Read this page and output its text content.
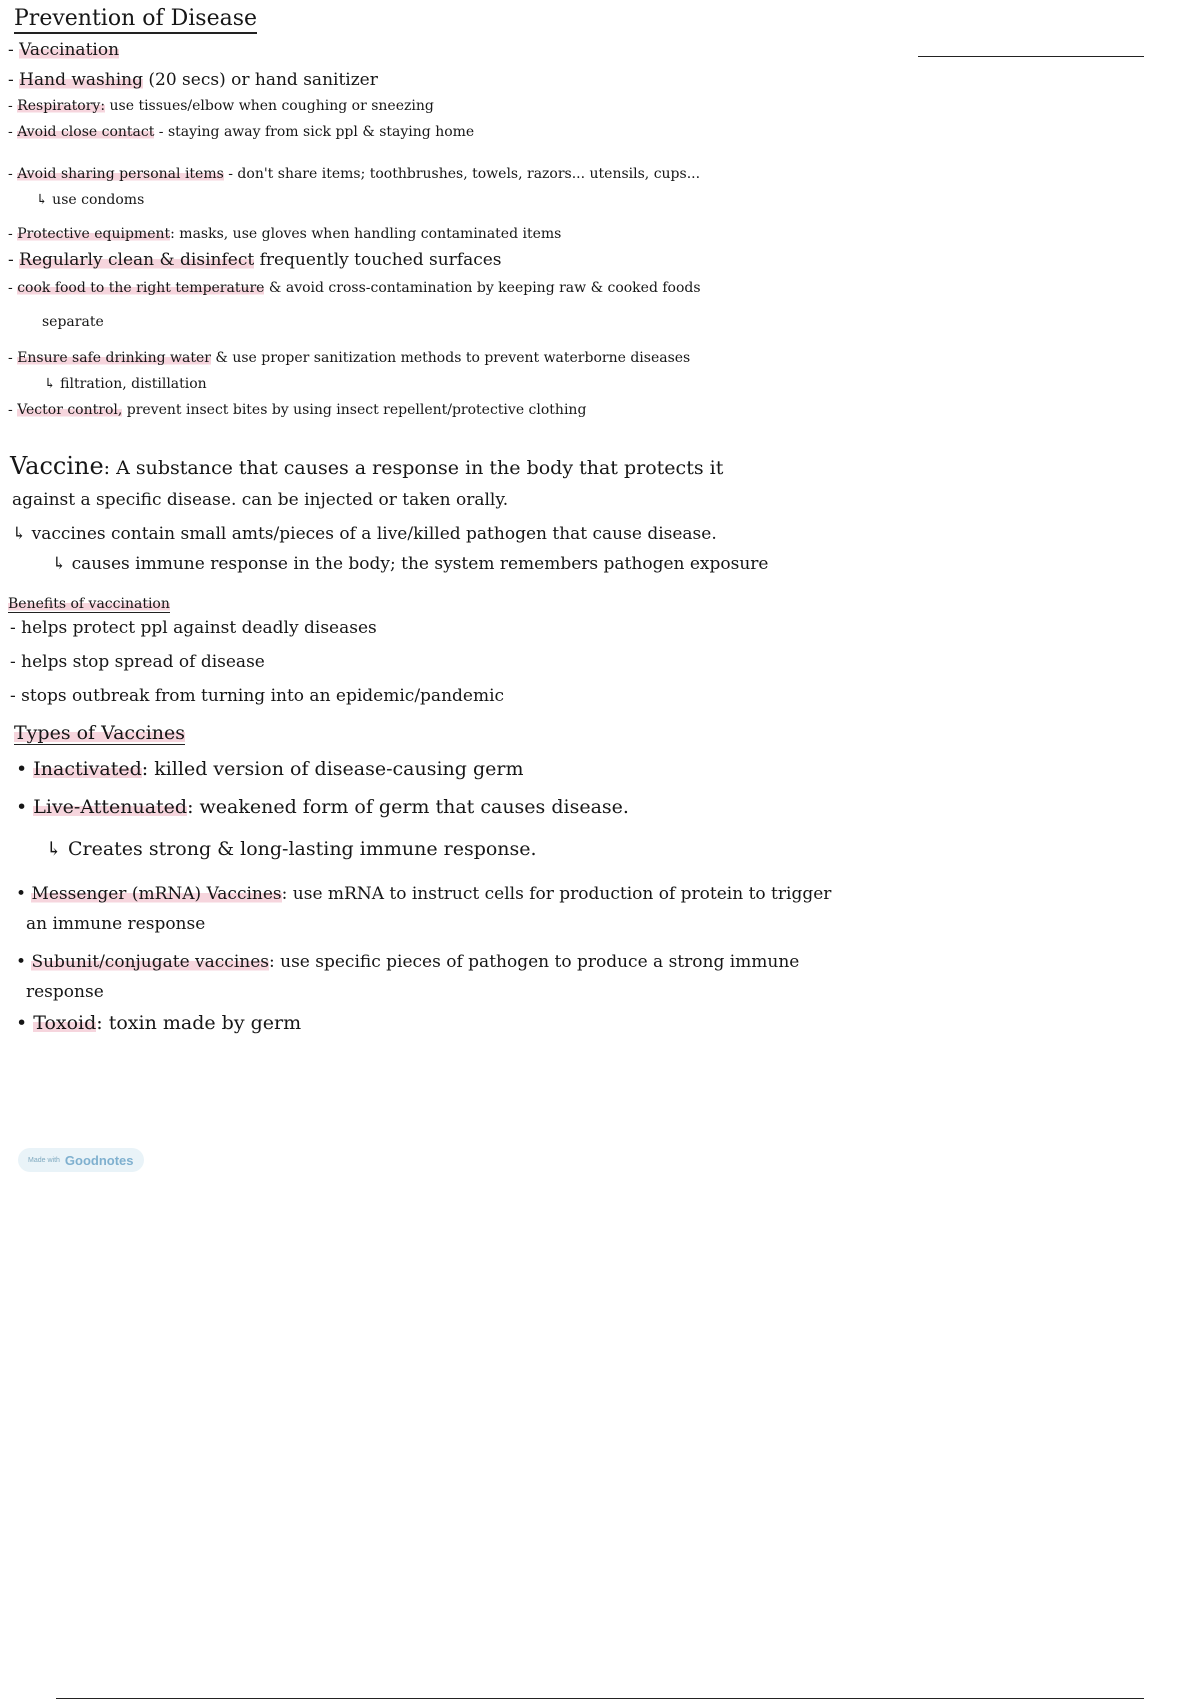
Prevention of Disease
- Vaccination
- Hand washing (20 secs) or hand sanitizer
- Respiratory: use tissues/elbow when coughing or sneezing
- Avoid close contact - staying away from sick ppl & staying home
- Avoid sharing personal items - don't share items; toothbrushes, towels, razors... utensils, cups...
↳ use condoms
- Protective equipment: masks, use gloves when handling contaminated items
- Regularly clean & disinfect frequently touched surfaces
- cook food to the right temperature & avoid cross-contamination by keeping raw & cooked foods
separate
- Ensure safe drinking water & use proper sanitization methods to prevent waterborne diseases
↳ filtration, distillation
- Vector control, prevent insect bites by using insect repellent/protective clothing
Vaccine: A substance that causes a response in the body that protects it
against a specific disease. can be injected or taken orally.
↳ vaccines contain small amts/pieces of a live/killed pathogen that cause disease.
↳ causes immune response in the body; the system remembers pathogen exposure
Benefits of vaccination
- helps protect ppl against deadly diseases
- helps stop spread of disease
- stops outbreak from turning into an epidemic/pandemic
Types of Vaccines
• Inactivated: killed version of disease-causing germ
• Live-Attenuated: weakened form of germ that causes disease.
↳ Creates strong & long-lasting immune response.
• Messenger (mRNA) Vaccines: use mRNA to instruct cells for production of protein to trigger
an immune response
• Subunit/conjugate vaccines: use specific pieces of pathogen to produce a strong immune
response
• Toxoid: toxin made by germ
Made with Goodnotes
